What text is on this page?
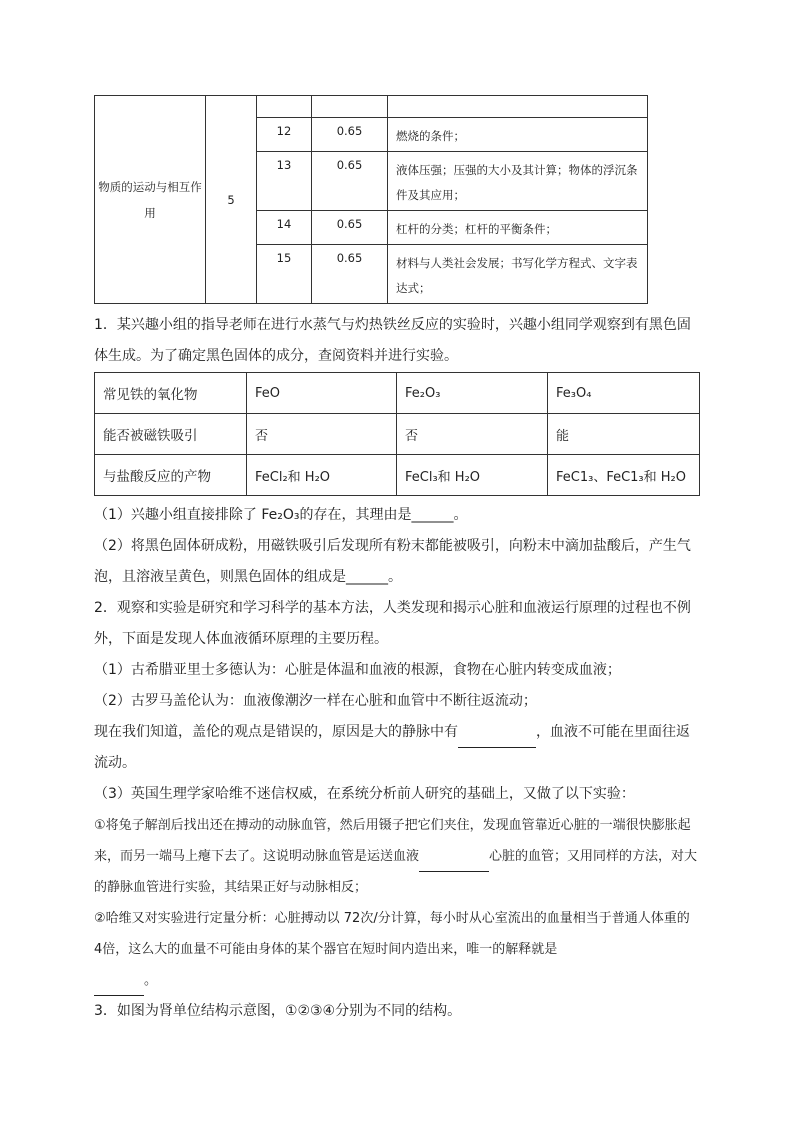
物质的运动与相互作用	5			
		12	0.65	燃烧的条件；
		13	0.65	液体压强；压强的大小及其计算；物体的浮沉条件及其应用；
		14	0.65	杠杆的分类；杠杆的平衡条件；
		15	0.65	材料与人类社会发展；书写化学方程式、文字表达式；

1．某兴趣小组的指导老师在进行水蒸气与灼热铁丝反应的实验时，兴趣小组同学观察到有黑色固体生成。为了确定黑色固体的成分，查阅资料并进行实验。

常见铁的氧化物	FeO	Fe₂O₃	Fe₃O₄
能否被磁铁吸引	否	否	能
与盐酸反应的产物	FeCl₂和 H₂O	FeCl₃和 H₂O	FeC1₃、FeC1₃和 H₂O

（1）兴趣小组直接排除了 Fe₂O₃的存在，其理由是______。

（2）将黑色固体研成粉，用磁铁吸引后发现所有粉末都能被吸引，向粉末中滴加盐酸后，产生气泡，且溶液呈黄色，则黑色固体的组成是______。

2．观察和实验是研究和学习科学的基本方法，人类发现和揭示心脏和血液运行原理的过程也不例外，下面是发现人体血液循环原理的主要历程。

（1）古希腊亚里士多德认为：心脏是体温和血液的根源，食物在心脏内转变成血液；

（2）古罗马盖伦认为：血液像潮汐一样在心脏和血管中不断往返流动；

现在我们知道，盖伦的观点是错误的，原因是大的静脉中有	，血液不可能在里面往返流动。

（3）英国生理学家哈维不迷信权威，在系统分析前人研究的基础上，又做了以下实验：

①将兔子解剖后找出还在搏动的动脉血管，然后用镊子把它们夹住，发现血管靠近心脏的一端很快膨胀起来，而另一端马上瘪下去了。这说明动脉血管是运送血液	心脏的血管；又用同样的方法，对大的静脉血管进行实验，其结果正好与动脉相反；

②哈维又对实验进行定量分析：心脏搏动以 72次/分计算，每小时从心室流出的血量相当于普通人体重的 4倍，这么大的血量不可能由身体的某个器官在短时间内造出来，唯一的解释就是
。

3．如图为肾单位结构示意图，①②③④分别为不同的结构。
